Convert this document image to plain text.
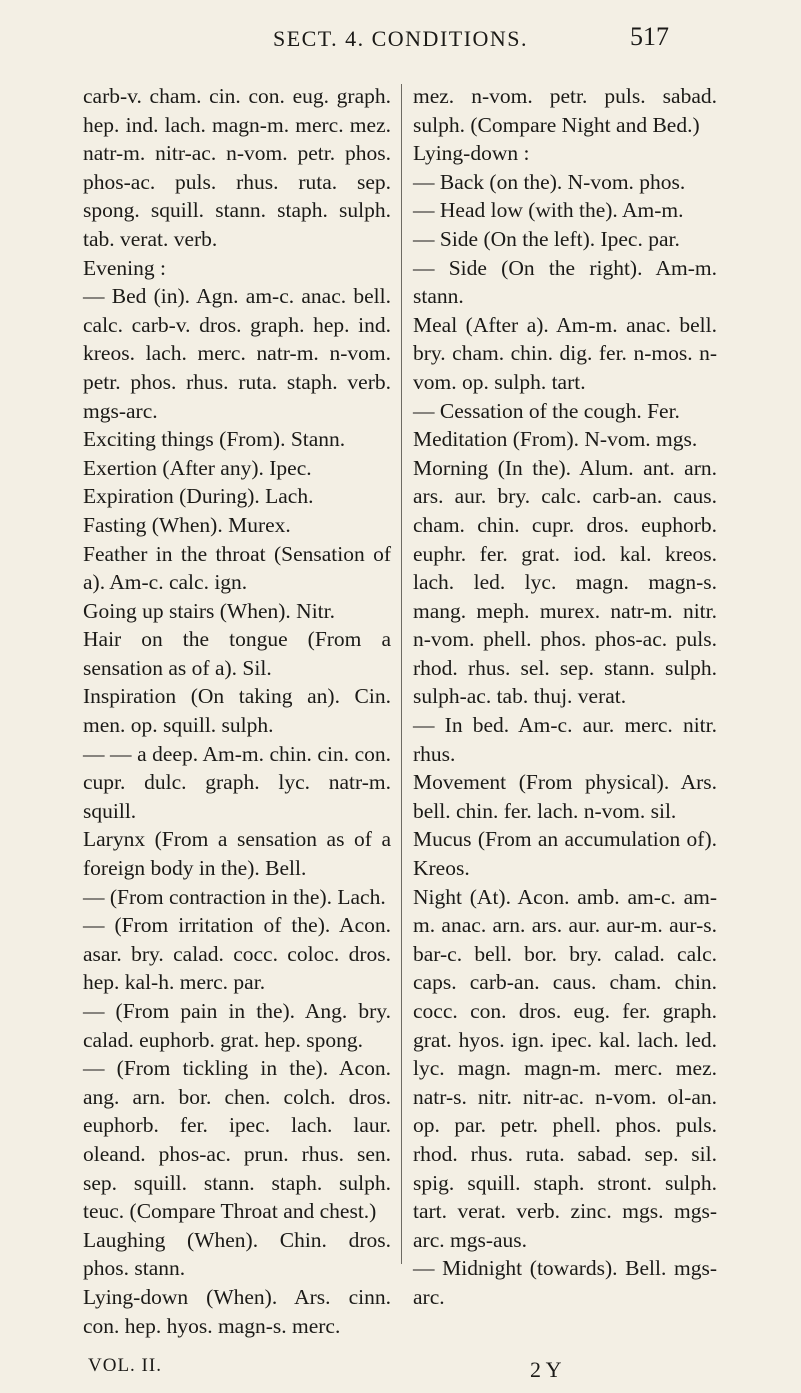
SECT. 4. CONDITIONS.	517

carb-v. cham. cin. con. eug. graph. hep. ind. lach. magn-m. merc. mez. natr-m. nitr-ac. n-vom. petr. phos. phos-ac. puls. rhus. ruta. sep. spong. squill. stann. staph. sulph. tab. verat. verb.

Evening :

— Bed (in). Agn. am-c. anac. bell. calc. carb-v. dros. graph. hep. ind. kreos. lach. merc. natr-m. n-vom. petr. phos. rhus. ruta. staph. verb. mgs-arc.

Exciting things (From). Stann.

Exertion (After any). Ipec.

Expiration (During). Lach.

Fasting (When). Murex.

Feather in the throat (Sensation of a). Am-c. calc. ign.

Going up stairs (When). Nitr.

Hair on the tongue (From a sensation as of a). Sil.

Inspiration (On taking an). Cin. men. op. squill. sulph.

— — a deep. Am-m. chin. cin. con. cupr. dulc. graph. lyc. natr-m. squill.

Larynx (From a sensation as of a foreign body in the). Bell.

— (From contraction in the). Lach.

— (From irritation of the). Acon. asar. bry. calad. cocc. coloc. dros. hep. kal-h. merc. par.

— (From pain in the). Ang. bry. calad. euphorb. grat. hep. spong.

— (From tickling in the). Acon. ang. arn. bor. chen. colch. dros. euphorb. fer. ipec. lach. laur. oleand. phos-ac. prun. rhus. sen. sep. squill. stann. staph. sulph. teuc. (Compare Throat and chest.)

Laughing (When). Chin. dros. phos. stann.

Lying-down (When). Ars. cinn. con. hep. hyos. magn-s. merc.

mez. n-vom. petr. puls. sabad. sulph. (Compare Night and Bed.)

Lying-down :

— Back (on the). N-vom. phos.

— Head low (with the). Am-m.

— Side (On the left). Ipec. par.

— Side (On the right). Am-m. stann.

Meal (After a). Am-m. anac. bell. bry. cham. chin. dig. fer. n-mos. n-vom. op. sulph. tart.

— Cessation of the cough. Fer.

Meditation (From). N-vom. mgs.

Morning (In the). Alum. ant. arn. ars. aur. bry. calc. carb-an. caus. cham. chin. cupr. dros. euphorb. euphr. fer. grat. iod. kal. kreos. lach. led. lyc. magn. magn-s. mang. meph. murex. natr-m. nitr. n-vom. phell. phos. phos-ac. puls. rhod. rhus. sel. sep. stann. sulph. sulph-ac. tab. thuj. verat.

— In bed. Am-c. aur. merc. nitr. rhus.

Movement (From physical). Ars. bell. chin. fer. lach. n-vom. sil.

Mucus (From an accumulation of). Kreos.

Night (At). Acon. amb. am-c. am-m. anac. arn. ars. aur. aur-m. aur-s. bar-c. bell. bor. bry. calad. calc. caps. carb-an. caus. cham. chin. cocc. con. dros. eug. fer. graph. grat. hyos. ign. ipec. kal. lach. led. lyc. magn. magn-m. merc. mez. natr-s. nitr. nitr-ac. n-vom. ol-an. op. par. petr. phell. phos. puls. rhod. rhus. ruta. sabad. sep. sil. spig. squill. staph. stront. sulph. tart. verat. verb. zinc. mgs. mgs-arc. mgs-aus.

— Midnight (towards). Bell. mgs-arc.

VOL. II.	2 Y
